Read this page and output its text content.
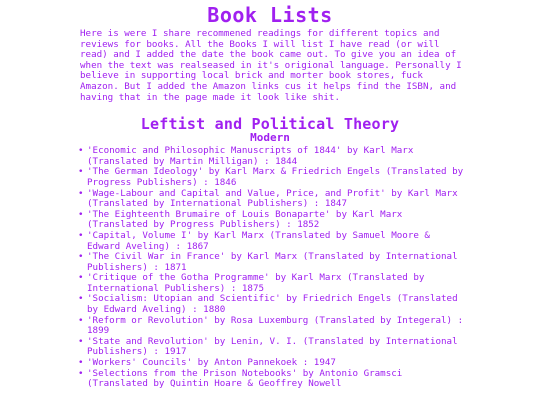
Book Lists

Here is were I share recommened readings for different topics and reviews for books. All the Books I will list I have read (or will read) and I added the date the book came out. To give you an idea of when the text was realseased in it's origional language. Personally I believe in supporting local brick and morter book stores, fuck Amazon. But I added the Amazon links cus it helps find the ISBN, and having that in the page made it look like shit.

Leftist and Political Theory
Modern
• 'Economic and Philosophic Manuscripts of 1844' by Karl Marx (Translated by Martin Milligan) : 1844
• 'The German Ideology' by Karl Marx & Friedrich Engels (Translated by Progress Publishers) : 1846
• 'Wage-Labour and Capital and Value, Price, and Profit' by Karl Marx (Translated by International Publishers) : 1847
• 'The Eighteenth Brumaire of Louis Bonaparte' by Karl Marx (Translated by Progress Publishers) : 1852
• 'Capital, Volume I' by Karl Marx (Translated by Samuel Moore & Edward Aveling) : 1867
• 'The Civil War in France' by Karl Marx (Translated by International Publishers) : 1871
• 'Critique of the Gotha Programme' by Karl Marx (Translated by International Publishers) : 1875
• 'Socialism: Utopian and Scientific' by Friedrich Engels (Translated by Edward Aveling) : 1880
• 'Reform or Revolution' by Rosa Luxemburg (Translated by Integeral) : 1899
• 'State and Revolution' by Lenin, V. I. (Translated by International Publishers) : 1917
• 'Workers' Councils' by Anton Pannekoek : 1947
• 'Selections from the Prison Notebooks' by Antonio Gramsci (Translated by Quintin Hoare & Geoffrey Nowell
